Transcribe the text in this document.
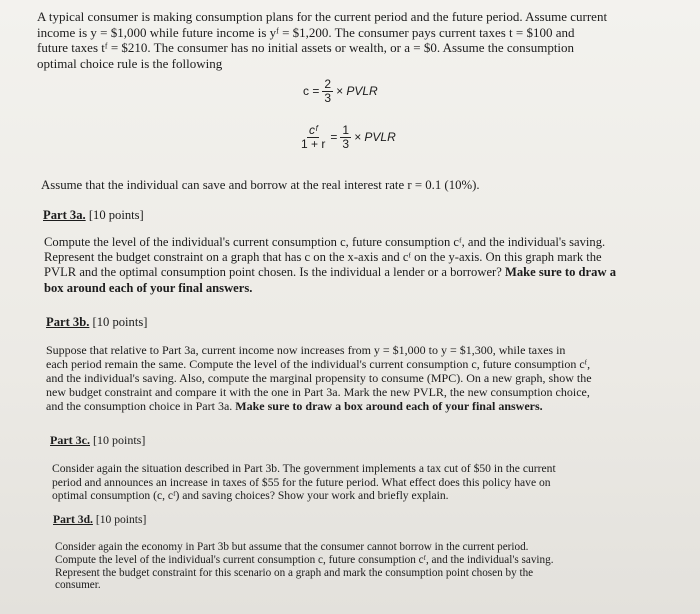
A typical consumer is making consumption plans for the current period and the future period. Assume current
income is y = $1,000 while future income is yᶠ = $1,200. The consumer pays current taxes t = $100 and
future taxes tᶠ = $210. The consumer has no initial assets or wealth, or a = $0. Assume the consumption
optimal choice rule is the following
$c = \frac{2}{3}$ × PVLR
$\frac{\text{cᶠ}}{1 + r} = \frac{1}{3}$ × PVLR
Assume that the individual can save and borrow at the real interest rate r = 0.1 (10%).
Part 3a. [10 points]
Compute the level of the individual's current consumption c, future consumption cᶠ, and the individual's saving.
Represent the budget constraint on a graph that has c on the x-axis and cᶠ on the y-axis. On this graph mark the
PVLR and the optimal consumption point chosen. Is the individual a lender or a borrower? Make sure to draw a
box around each of your final answers.
Part 3b. [10 points]
Suppose that relative to Part 3a, current income now increases from y = $1,000 to y = $1,300, while taxes in
each period remain the same. Compute the level of the individual's current consumption c, future consumption cᶠ,
and the individual's saving. Also, compute the marginal propensity to consume (MPC). On a new graph, show the
new budget constraint and compare it with the one in Part 3a. Mark the new PVLR, the new consumption choice,
and the consumption choice in Part 3a. Make sure to draw a box around each of your final answers.
Part 3c. [10 points]
Consider again the situation described in Part 3b. The government implements a tax cut of $50 in the current
period and announces an increase in taxes of $55 for the future period. What effect does this policy have on
optimal consumption (c, cᶠ) and saving choices? Show your work and briefly explain.
Part 3d. [10 points]
Consider again the economy in Part 3b but assume that the consumer cannot borrow in the current period.
Compute the level of the individual's current consumption c, future consumption cᶠ, and the individual's saving.
Represent the budget constraint for this scenario on a graph and mark the consumption point chosen by the
consumer.
